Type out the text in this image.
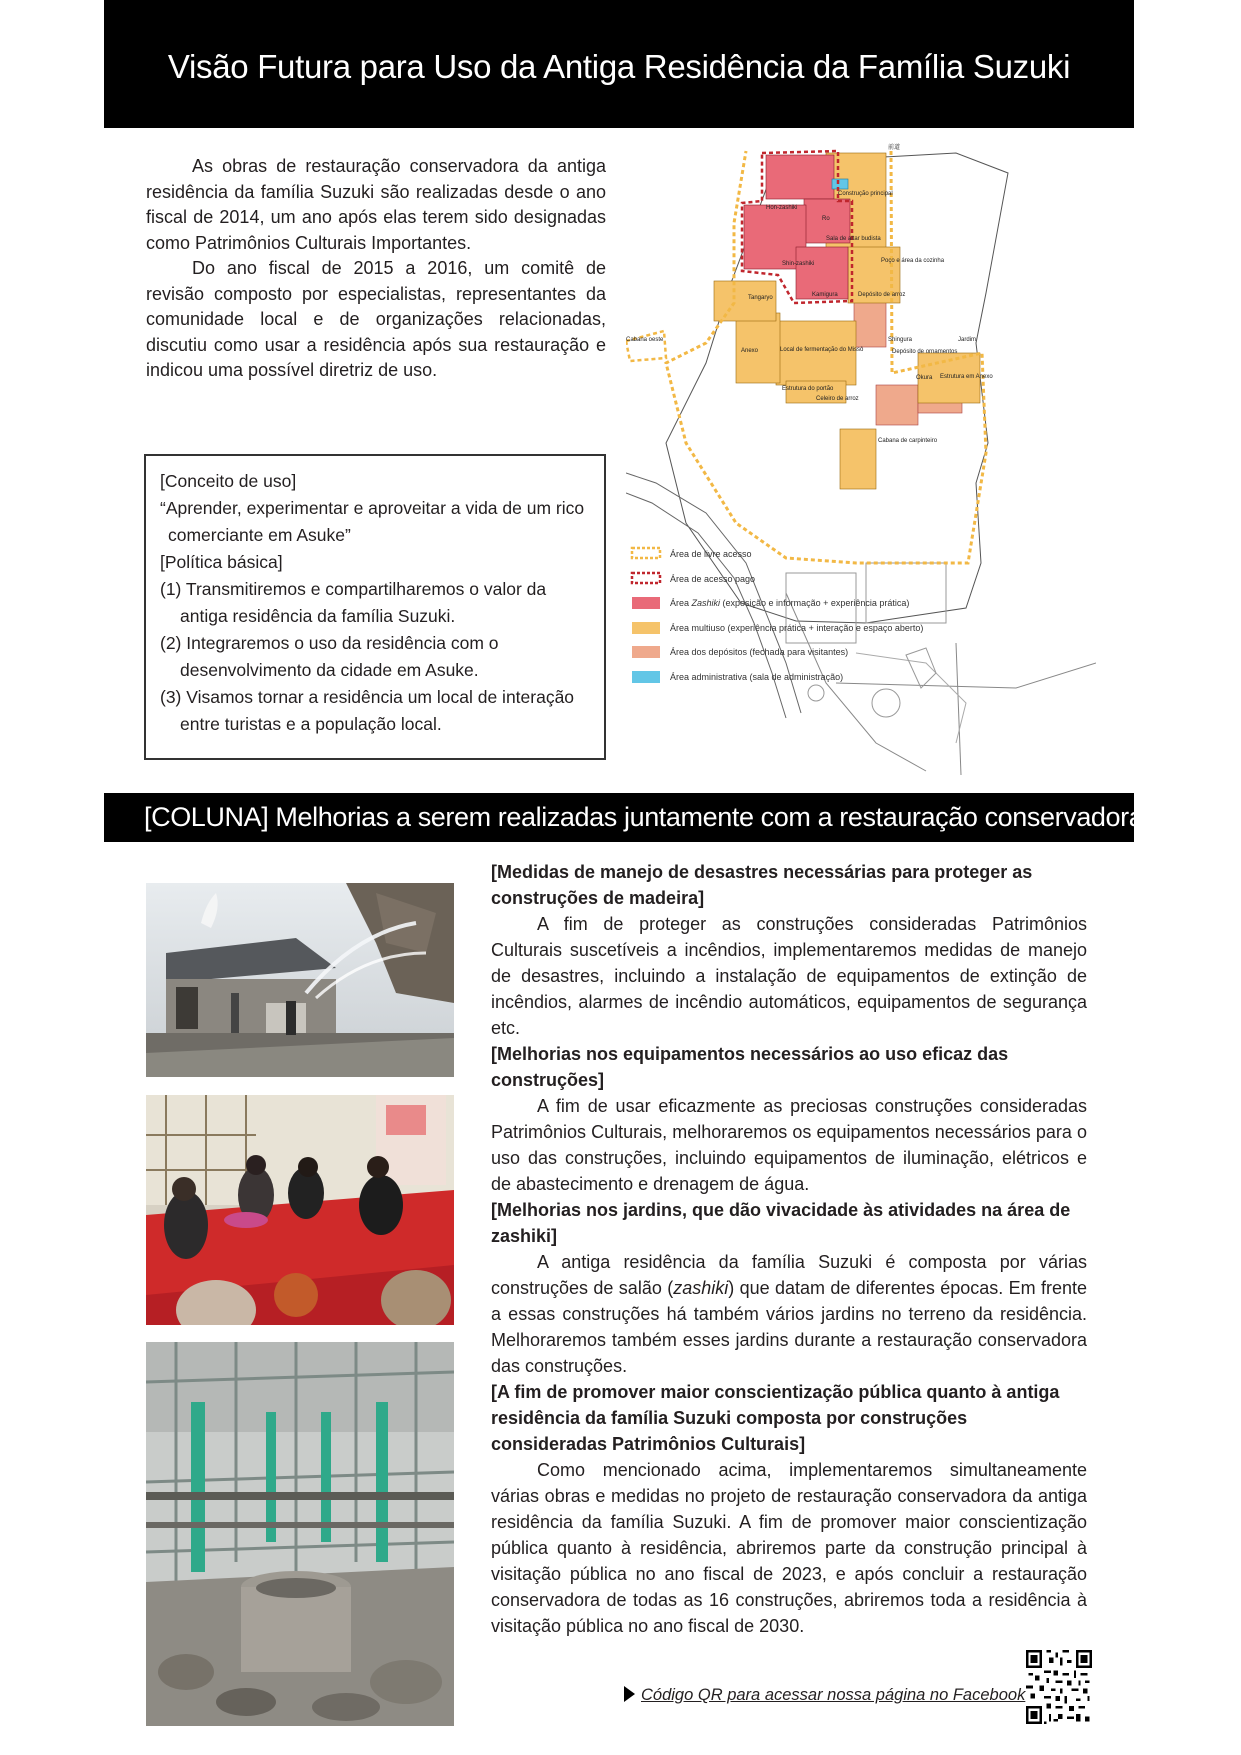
Visão Futura para Uso da Antiga Residência da Família Suzuki

As obras de restauração conservadora da antiga residência da família Suzuki são realizadas desde o ano fiscal de 2014, um ano após elas terem sido designadas como Patrimônios Culturais Importantes.

Do ano fiscal de 2015 a 2016, um comitê de revisão composto por especialistas, representantes da comunidade local e de organizações relacionadas, discutiu como usar a residência após sua restauração e indicou uma possível diretriz de uso.

[Conceito de uso]

“Aprender, experimentar e aproveitar a vida de um rico comerciante em Asuke”

[Política básica]

(1) Transmitiremos e compartilharemos o valor da antiga residência da família Suzuki.

(2) Integraremos o uso da residência com o desenvolvimento da cidade em Asuke.

(3) Visamos tornar a residência um local de interação entre turistas e a população local.

前道
Construção principal
Hon-zashiki
Ro
Sala de altar budista
Shin-zashiki	Poço e área da cozinha
Tangaryo	Kamigura	Depósito de arroz
Cabana oeste	Shingura
Depósito de ornamentos
Jardim
Anexo	Local de fermentação do Missô
Okura Estrutura em Anexo
Estrutura do portão
Celeiro de arroz
Cabana de carpinteiro
Área de livre acesso
Área de acesso pago
Área Zashiki (exposição e informação + experiência prática)
Área multiuso (experiência prática + interação e espaço aberto)
Área dos depósitos (fechada para visitantes)
Área administrativa (sala de administração)
[COLUNA] Melhorias a serem realizadas juntamente com a restauração conservadora
[Medidas de manejo de desastres necessárias para proteger as construções de madeira]

A fim de proteger as construções consideradas Patrimônios Culturais suscetíveis a incêndios, implementaremos medidas de manejo de desastres, incluindo a instalação de equipamentos de extinção de incêndios, alarmes de incêndio automáticos, equipamentos de segurança etc.

[Melhorias nos equipamentos necessários ao uso eficaz das construções]

A fim de usar eficazmente as preciosas construções consideradas Patrimônios Culturais, melhoraremos os equipamentos necessários para o uso das construções, incluindo equipamentos de iluminação, elétricos e de abastecimento e drenagem de água.

[Melhorias nos jardins, que dão vivacidade às atividades na área de zashiki]

A antiga residência da família Suzuki é composta por várias construções de salão (zashiki) que datam de diferentes épocas. Em frente a essas construções há também vários jardins no terreno da residência. Melhoraremos também esses jardins durante a restauração conservadora das construções.

[A fim de promover maior conscientização pública quanto à antiga residência da família Suzuki composta por construções consideradas Patrimônios Culturais]

Como mencionado acima, implementaremos simultaneamente várias obras e medidas no projeto de restauração conservadora da antiga residência da família Suzuki. A fim de promover maior conscientização pública quanto à residência, abriremos parte da construção principal à visitação pública no ano fiscal de 2023, e após concluir a restauração conservadora de todas as 16 construções, abriremos toda a residência à visitação pública no ano fiscal de 2030.

Código QR para acessar nossa página no Facebook
